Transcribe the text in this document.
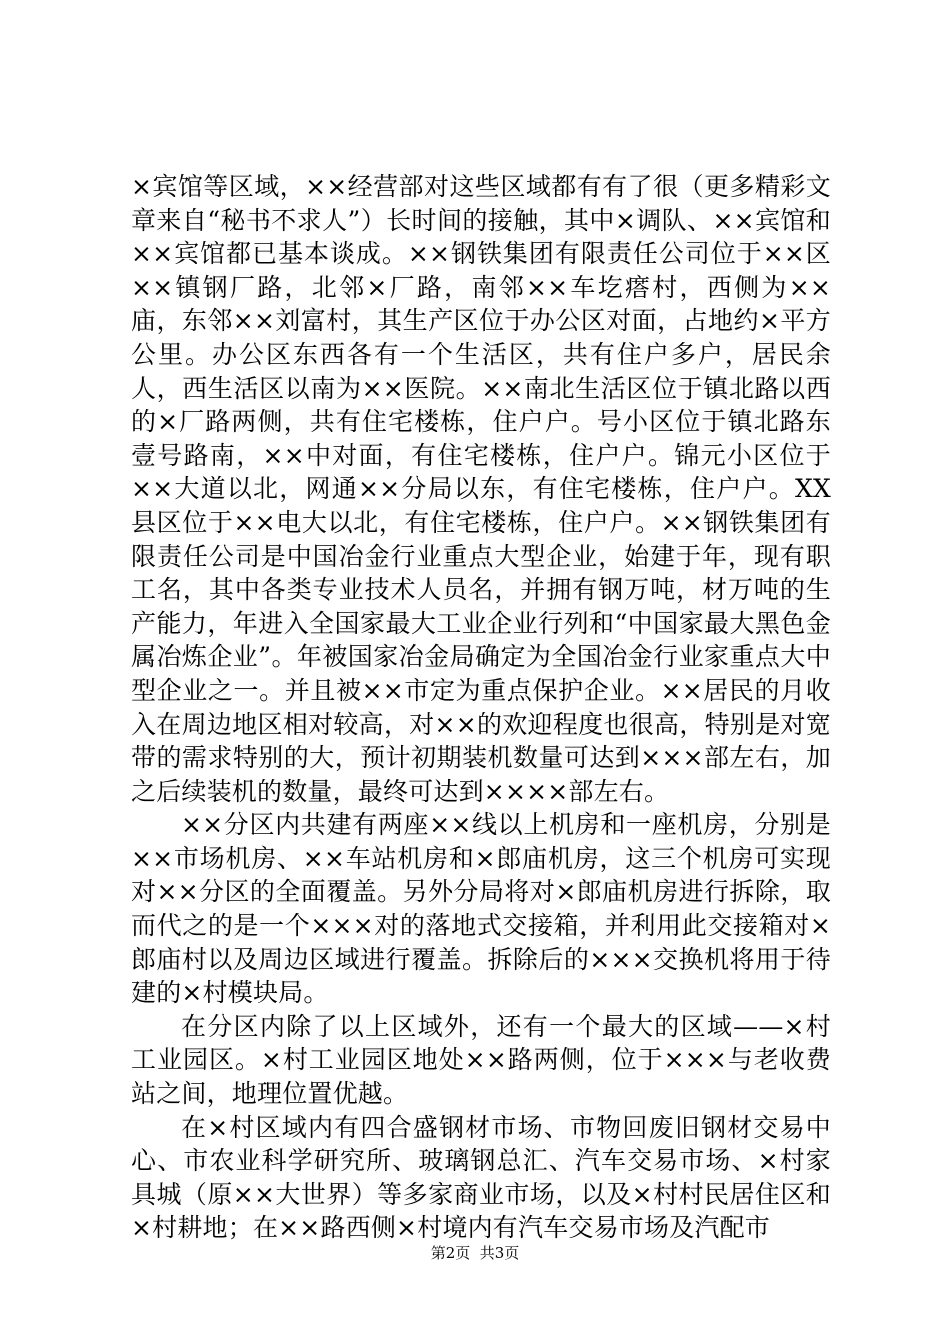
×宾馆等区域，××经营部对这些区域都有有了很（更多精彩文章来自“秘书不求人”）长时间的接触，其中×调队、××宾馆和××宾馆都已基本谈成。××钢铁集团有限责任公司位于××区××镇钢厂路，北邻×厂路，南邻××车圪瘩村，西侧为××庙，东邻××刘富村，其生产区位于办公区对面，占地约×平方公里。办公区东西各有一个生活区，共有住户多户，居民余人，西生活区以南为××医院。××南北生活区位于镇北路以西的×厂路两侧，共有住宅楼栋，住户户。号小区位于镇北路东壹号路南，××中对面，有住宅楼栋，住户户。锦元小区位于××大道以北，网通××分局以东，有住宅楼栋，住户户。XX县区位于××电大以北，有住宅楼栋，住户户。××钢铁集团有限责任公司是中国冶金行业重点大型企业，始建于年，现有职工名，其中各类专业技术人员名，并拥有钢万吨，材万吨的生产能力，年进入全国家最大工业企业行列和“中国家最大黑色金属冶炼企业”。年被国家冶金局确定为全国冶金行业家重点大中型企业之一。并且被××市定为重点保护企业。××居民的月收入在周边地区相对较高，对××的欢迎程度也很高，特别是对宽带的需求特别的大，预计初期装机数量可达到×××部左右，加之后续装机的数量，最终可达到××××部左右。

××分区内共建有两座××线以上机房和一座机房，分别是××市场机房、××车站机房和×郎庙机房，这三个机房可实现对××分区的全面覆盖。另外分局将对×郎庙机房进行拆除，取而代之的是一个×××对的落地式交接箱，并利用此交接箱对×郎庙村以及周边区域进行覆盖。拆除后的×××交换机将用于待建的×村模块局。

在分区内除了以上区域外，还有一个最大的区域——×村工业园区。×村工业园区地处××路两侧，位于×××与老收费站之间，地理位置优越。

在×村区域内有四合盛钢材市场、市物回废旧钢材交易中心、市农业科学研究所、玻璃钢总汇、汽车交易市场、×村家具城（原××大世界）等多家商业市场，以及×村村民居住区和×村耕地；在××路西侧×村境内有汽车交易市场及汽配市

第2页  共3页
